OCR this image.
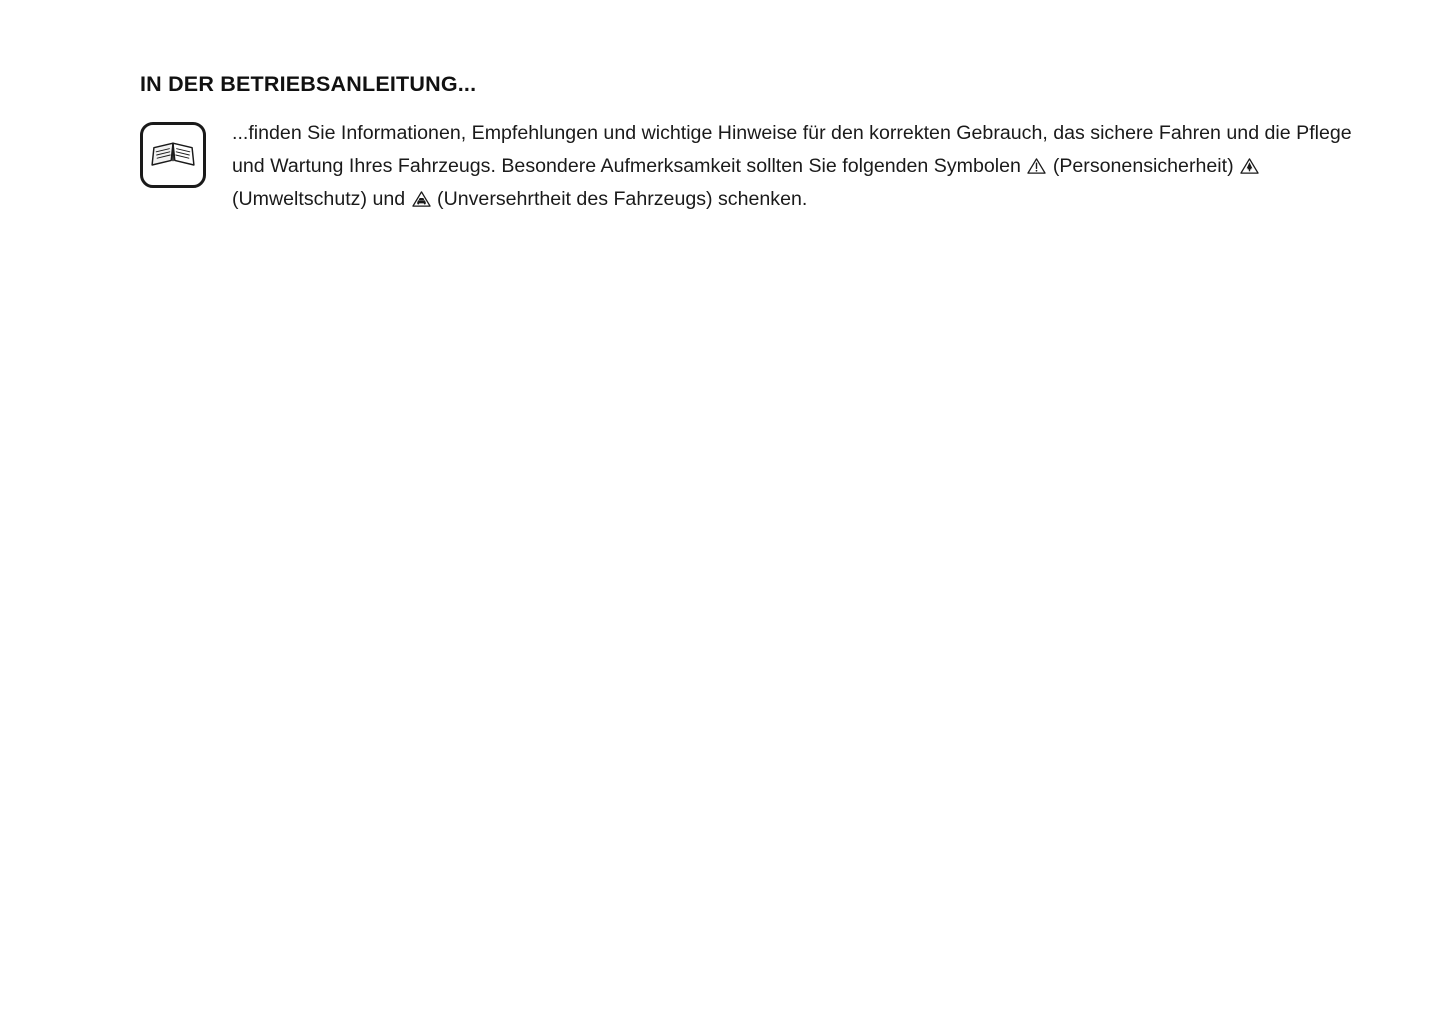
IN DER BETRIEBSANLEITUNG...

...finden Sie Informationen, Empfehlungen und wichtige Hinweise für den korrekten Gebrauch, das sichere Fahren und die Pflege und Wartung Ihres Fahrzeugs. Besondere Aufmerksamkeit sollten Sie folgenden Symbolen (Personensicherheit)
(Umweltschutz) und (Unversehrtheit des Fahrzeugs) schenken.
